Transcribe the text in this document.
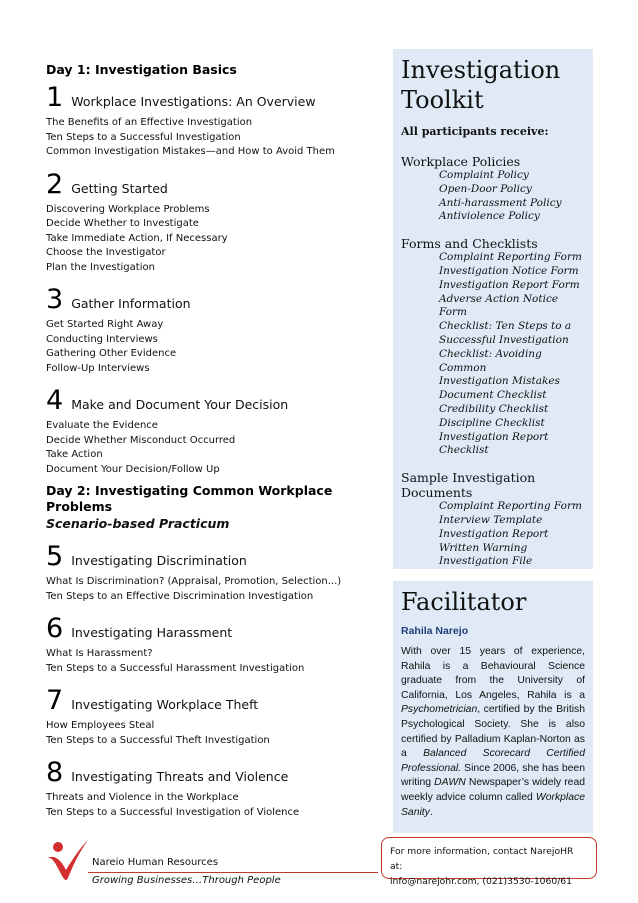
Day 1: Investigation Basics
1 Workplace Investigations: An Overview
The Benefits of an Effective Investigation
Ten Steps to a Successful Investigation
Common Investigation Mistakes—and How to Avoid Them
2 Getting Started
Discovering Workplace Problems
Decide Whether to Investigate
Take Immediate Action, If Necessary
Choose the Investigator
Plan the Investigation
3 Gather Information
Get Started Right Away
Conducting Interviews
Gathering Other Evidence
Follow-Up Interviews
4 Make and Document Your Decision
Evaluate the Evidence
Decide Whether Misconduct Occurred
Take Action
Document Your Decision/Follow Up
Day 2: Investigating Common Workplace Problems
Scenario-based Practicum
5 Investigating Discrimination
What Is Discrimination? (Appraisal, Promotion, Selection...)
Ten Steps to an Effective Discrimination Investigation
6 Investigating Harassment
What Is Harassment?
Ten Steps to a Successful Harassment Investigation
7 Investigating Workplace Theft
How Employees Steal
Ten Steps to a Successful Theft Investigation
8 Investigating Threats and Violence
Threats and Violence in the Workplace
Ten Steps to a Successful Investigation of Violence
Investigation
Toolkit
All participants receive:
Workplace Policies
Complaint Policy
Open-Door Policy
Anti-harassment Policy
Antiviolence Policy
Forms and Checklists
Complaint Reporting Form
Investigation Notice Form
Investigation Report Form
Adverse Action Notice Form
Checklist: Ten Steps to a
Successful Investigation
Checklist: Avoiding Common
Investigation Mistakes
Document Checklist
Credibility Checklist
Discipline Checklist
Investigation Report
Checklist
Sample Investigation Documents
Complaint Reporting Form
Interview Template
Investigation Report
Written Warning
Investigation File
Facilitator
Rahila Narejo
With over 15 years of experience, Rahila is a Behavioural Science graduate from the University of California, Los Angeles, Rahila is a Psychometrician, certified by the British Psychological Society. She is also certified by Palladium Kaplan-Norton as a Balanced Scorecard Certified Professional. Since 2006, she has been writing DAWN Newspaper’s widely read weekly advice column called Workplace Sanity.
For more information, contact NarejoHR at:
info@narejohr.com, (021)3530-1060/61
Nareio Human Resources
Growing Businesses…Through People
